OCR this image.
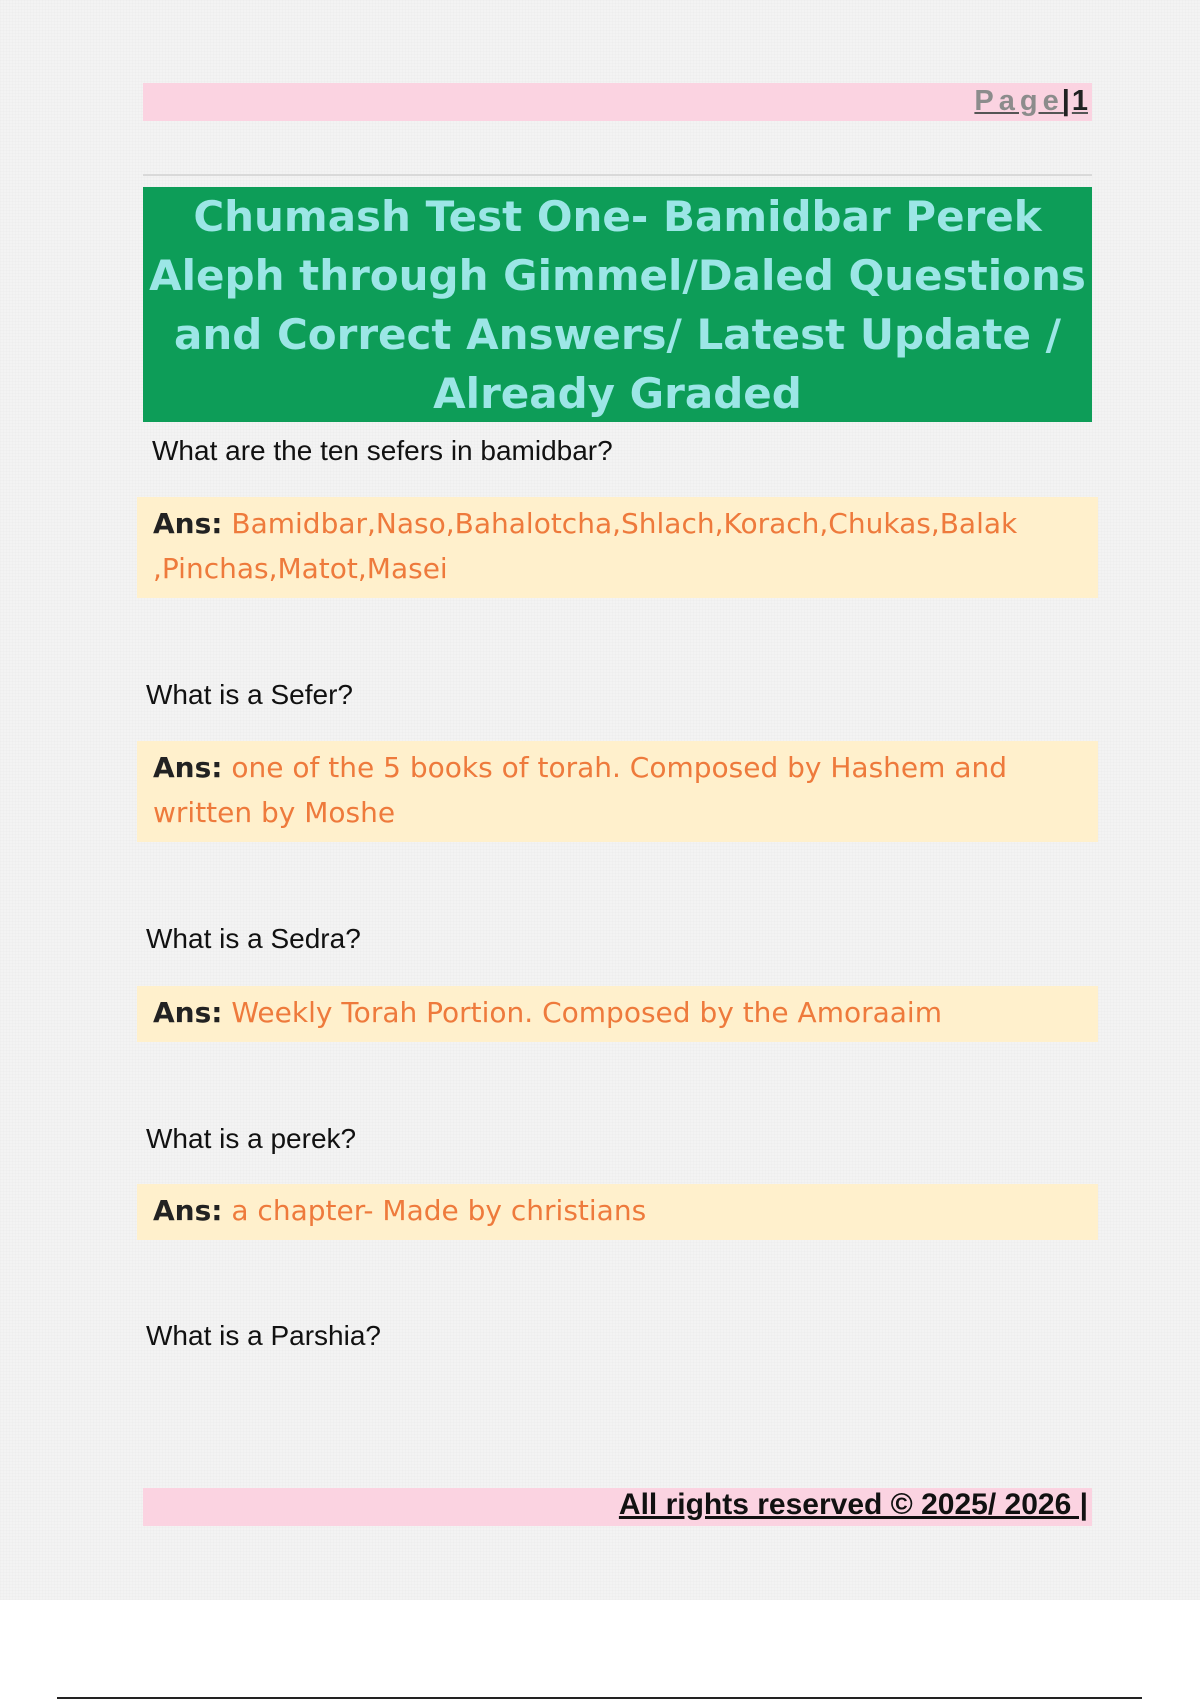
Page|1
Chumash Test One- Bamidbar Perek Aleph through Gimmel/Daled Questions and Correct Answers/ Latest Update / Already Graded
What are the ten sefers in bamidbar?
Ans: Bamidbar,Naso,Bahalotcha,Shlach,Korach,Chukas,Balak ,Pinchas,Matot,Masei
What is a Sefer?
Ans: one of the 5 books of torah. Composed by Hashem and written by Moshe
What is a Sedra?
Ans: Weekly Torah Portion. Composed by the Amoraaim
What is a perek?
Ans: a chapter- Made by christians
What is a Parshia?
All rights reserved © 2025/ 2026 |
